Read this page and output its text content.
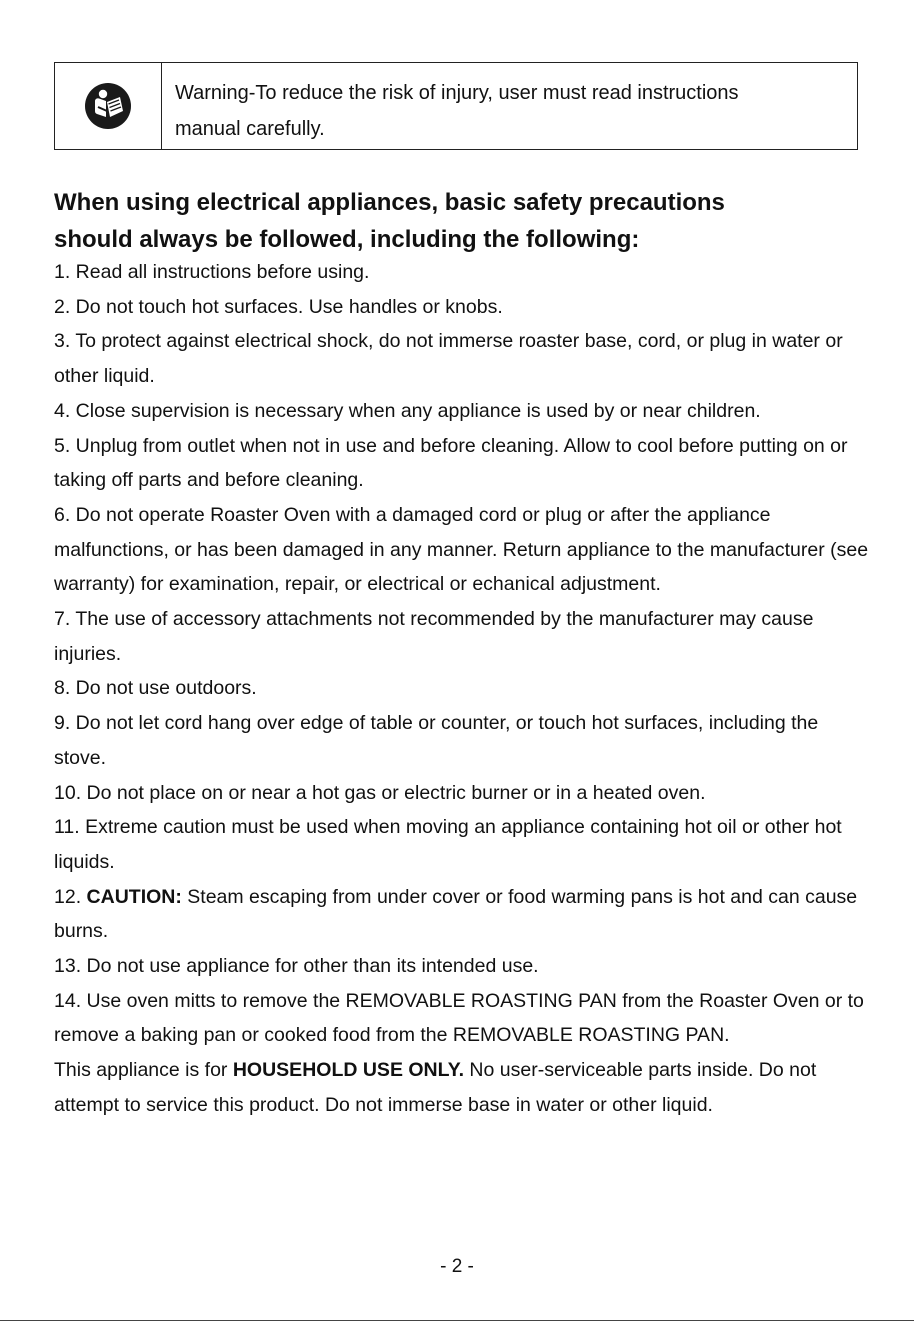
Warning-To reduce the risk of injury, user must read instructions
manual carefully.
When using electrical appliances, basic safety precautions
should always be followed, including the following:

1. Read all instructions before using.

2. Do not touch hot surfaces. Use handles or knobs.

3. To protect against electrical shock, do not immerse roaster base, cord, or plug in water or other liquid.

4. Close supervision is necessary when any appliance is used by or near children.

5. Unplug from outlet when not in use and before cleaning. Allow to cool before putting on or taking off parts and before cleaning.

6. Do not operate Roaster Oven with a damaged cord or plug or after the appliance malfunctions, or has been damaged in any manner. Return appliance to the manufacturer (see warranty) for examination, repair, or electrical or echanical adjustment.

7. The use of accessory attachments not recommended by the manufacturer may cause injuries.

8. Do not use outdoors.

9. Do not let cord hang over edge of table or counter, or touch hot surfaces, including the stove.

10. Do not place on or near a hot gas or electric burner or in a heated oven.

11. Extreme caution must be used when moving an appliance containing hot oil or other hot liquids.

12. CAUTION: Steam escaping from under cover or food warming pans is hot and can cause burns.

13. Do not use appliance for other than its intended use.

14. Use oven mitts to remove the REMOVABLE ROASTING PAN from the Roaster Oven or to remove a baking pan or cooked food from the REMOVABLE ROASTING PAN.

This appliance is for HOUSEHOLD USE ONLY. No user-serviceable parts inside. Do not attempt to service this product. Do not immerse base in water or other liquid.

- 2 -
